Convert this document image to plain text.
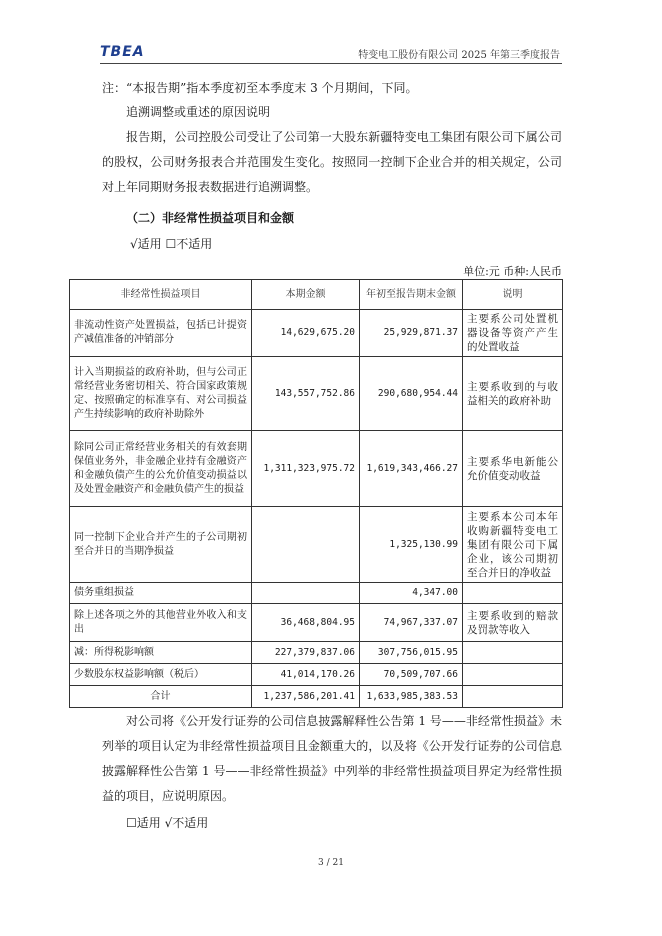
TBEA	特变电工股份有限公司 2025 年第三季度报告
注：“本报告期”指本季度初至本季度末 3 个月期间，下同。
追溯调整或重述的原因说明
报告期，公司控股公司受让了公司第一大股东新疆特变电工集团有限公司下属公司的股权，公司财务报表合并范围发生变化。按照同一控制下企业合并的相关规定，公司对上年同期财务报表数据进行追溯调整。
（二）非经常性损益项目和金额
√适用 ☐不适用
单位:元 币种:人民币
非经常性损益项目	本期金额	年初至报告期末金额	说明
非流动性资产处置损益，包括已计提资产减值准备的冲销部分	14,629,675.20	25,929,871.37	主要系公司处置机器设备等资产产生的处置收益
计入当期损益的政府补助，但与公司正常经营业务密切相关、符合国家政策规定、按照确定的标准享有、对公司损益产生持续影响的政府补助除外	143,557,752.86	290,680,954.44	主要系收到的与收益相关的政府补助
除同公司正常经营业务相关的有效套期保值业务外，非金融企业持有金融资产和金融负债产生的公允价值变动损益以及处置金融资产和金融负债产生的损益	1,311,323,975.72	1,619,343,466.27	主要系华电新能公允价值变动收益
同一控制下企业合并产生的子公司期初至合并日的当期净损益		1,325,130.99	主要系本公司本年收购新疆特变电工集团有限公司下属企业，该公司期初至合并日的净收益
债务重组损益		4,347.00	
除上述各项之外的其他营业外收入和支出	36,468,804.95	74,967,337.07	主要系收到的赔款及罚款等收入
减：所得税影响额	227,379,837.06	307,756,015.95	
少数股东权益影响额（税后）	41,014,170.26	70,509,707.66	
合计	1,237,586,201.41	1,633,985,383.53	
对公司将《公开发行证券的公司信息披露解释性公告第 1 号——非经常性损益》未列举的项目认定为非经常性损益项目且金额重大的，以及将《公开发行证券的公司信息披露解释性公告第 1 号——非经常性损益》中列举的非经常性损益项目界定为经常性损益的项目，应说明原因。
☐适用 √不适用
3 / 21
